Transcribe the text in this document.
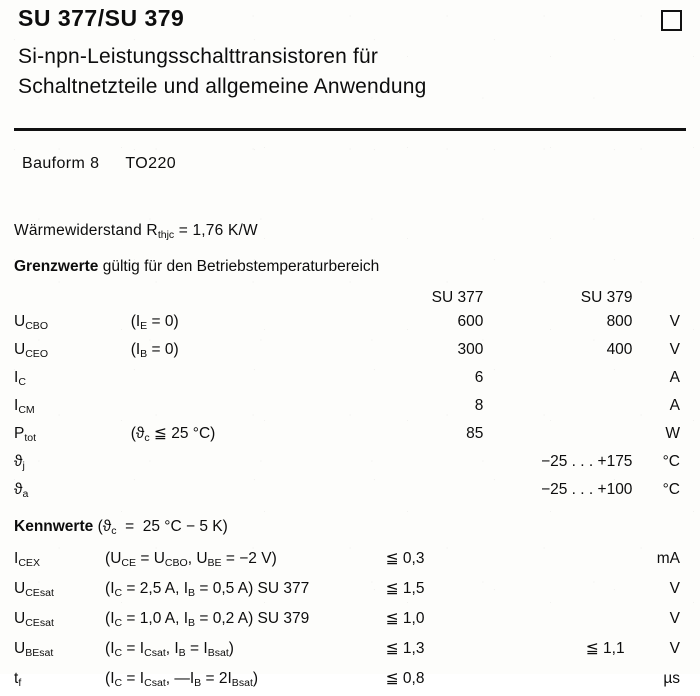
SU 377/SU 379
Si-npn-Leistungsschalttransistoren für
Schaltnetzteile und allgemeine Anwendung
Bauform 8 TO220
Wärmewiderstand $R_{thjc} = 1,76$ K/W
Grenzwerte gültig für den Betriebstemperaturbereich
		SU 377	SU 379	
$U_{CBO}$	$(I_E = 0)$	600	800	V
$U_{CEO}$	$(I_B = 0)$	300	400	V
$I_C$		6		A
$I_{CM}$		8		A
$P_{tot}$	($ϑ_c$ ≦ 25 °C)	85		W
$ϑ_j$			−25 . . . +175	°C
$ϑ_a$			−25 . . . +100	°C
Kennwerte ($ϑ_c = 25$ °C − 5 K)
$I_{CEX}$	($U_{CE} = U_{CBO}$, $U_{BE} = -2$ V)	≦ 0,3		mA
$U_{CEsat}$	($I_C = 2,5$ A, $I_B = 0,5$ A) SU 377	≦ 1,5		V
$U_{CEsat}$	($I_C = 1,0$ A, $I_B = 0,2$ A) SU 379	≦ 1,0		V
$U_{BEsat}$	($I_C = I_{Csat}$, $I_B = I_{Bsat}$)	≦ 1,3	≦ 1,1	V
$t_f$	($I_C = I_{Csat}$, $—I_B = 2I_{Bsat}$)	≦ 0,8		µs
